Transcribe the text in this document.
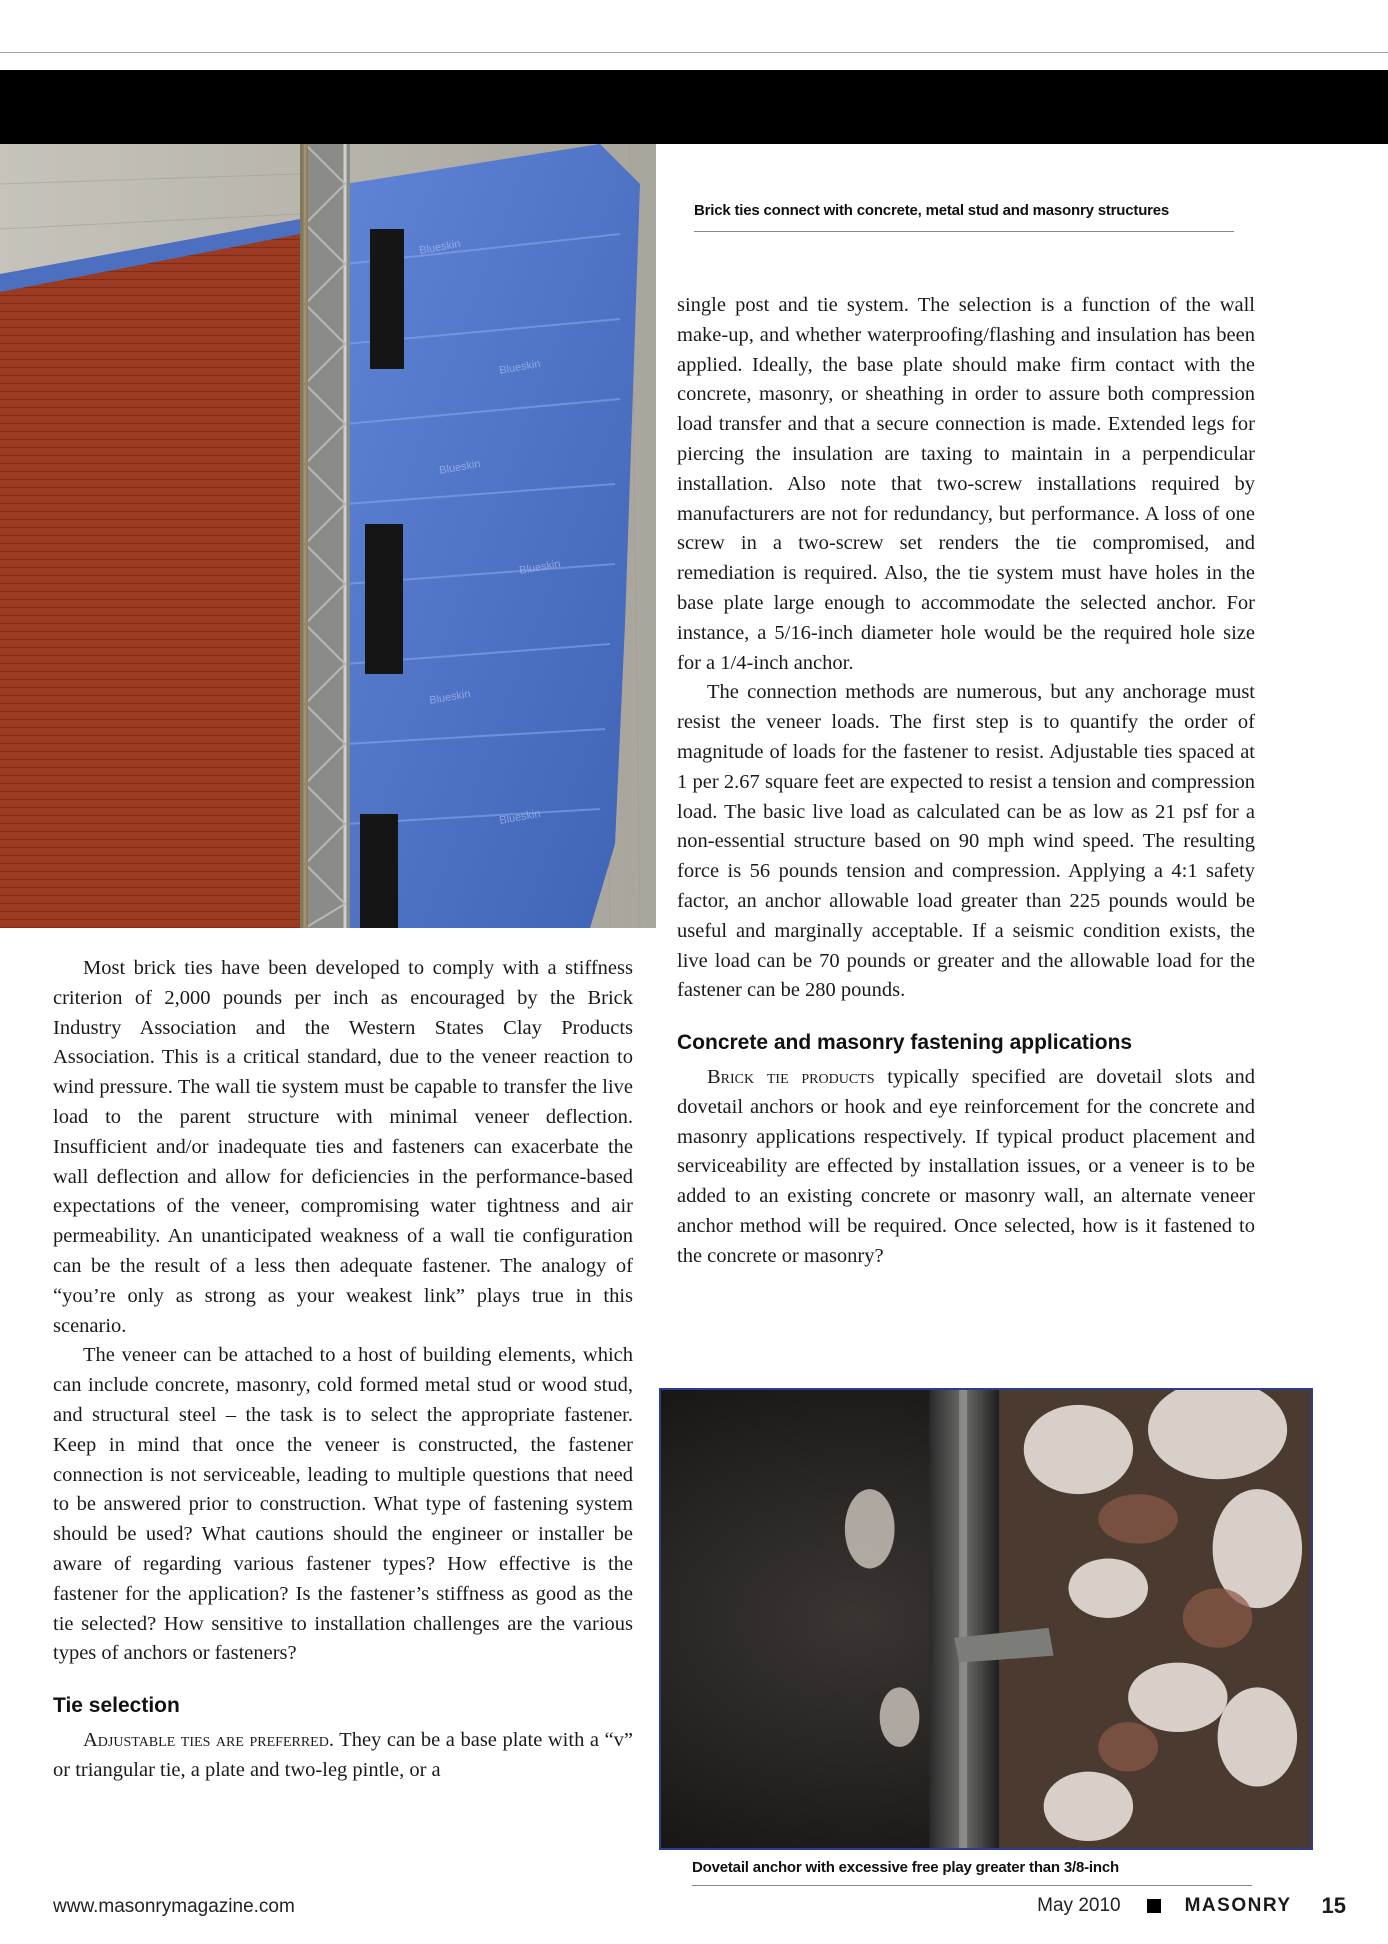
Blueskin
Blueskin
Blueskin
Blueskin
Blueskin
Blueskin
Brick ties connect with concrete, metal stud and masonry structures

Most brick ties have been developed to comply with a stiffness criterion of 2,000 pounds per inch as encouraged by the Brick Industry Association and the Western States Clay Products Association. This is a critical standard, due to the veneer reaction to wind pressure. The wall tie system must be capable to transfer the live load to the parent structure with minimal veneer deflection. Insufficient and/or inadequate ties and fasteners can exacerbate the wall deflection and allow for deficiencies in the performance-based expectations of the veneer, compromising water tightness and air permeability. An unanticipated weakness of a wall tie configuration can be the result of a less then adequate fastener. The analogy of “you’re only as strong as your weakest link” plays true in this scenario.

The veneer can be attached to a host of building elements, which can include concrete, masonry, cold formed metal stud or wood stud, and structural steel – the task is to select the appropriate fastener. Keep in mind that once the veneer is constructed, the fastener connection is not serviceable, leading to multiple questions that need to be answered prior to construction. What type of fastening system should be used? What cautions should the engineer or installer be aware of regarding various fastener types? How effective is the fastener for the application? Is the fastener’s stiffness as good as the tie selected? How sensitive to installation challenges are the various types of anchors or fasteners?

Tie selection

Adjustable ties are preferred. They can be a base plate with a “v” or triangular tie, a plate and two-leg pintle, or a

single post and tie system. The selection is a function of the wall make-up, and whether waterproofing/flashing and insulation has been applied. Ideally, the base plate should make firm contact with the concrete, masonry, or sheathing in order to assure both compression load transfer and that a secure connection is made. Extended legs for piercing the insulation are taxing to maintain in a perpendicular installation. Also note that two-screw installations required by manufacturers are not for redundancy, but performance. A loss of one screw in a two-screw set renders the tie compromised, and remediation is required. Also, the tie system must have holes in the base plate large enough to accommodate the selected anchor. For instance, a 5/16-inch diameter hole would be the required hole size for a 1/4-inch anchor.

The connection methods are numerous, but any anchorage must resist the veneer loads. The first step is to quantify the order of magnitude of loads for the fastener to resist. Adjustable ties spaced at 1 per 2.67 square feet are expected to resist a tension and compression load. The basic live load as calculated can be as low as 21 psf for a non-essential structure based on 90 mph wind speed. The resulting force is 56 pounds tension and compression. Applying a 4:1 safety factor, an anchor allowable load greater than 225 pounds would be useful and marginally acceptable. If a seismic condition exists, the live load can be 70 pounds or greater and the allowable load for the fastener can be 280 pounds.

Concrete and masonry fastening applications

Brick tie products typically specified are dovetail slots and dovetail anchors or hook and eye reinforcement for the concrete and masonry applications respectively. If typical product placement and serviceability are effected by installation issues, or a veneer is to be added to an existing concrete or masonry wall, an alternate veneer anchor method will be required. Once selected, how is it fastened to the concrete or masonry?

Dovetail anchor with excessive free play greater than 3/8-inch
www.masonrymagazine.com	May 2010	MASONRY 15
